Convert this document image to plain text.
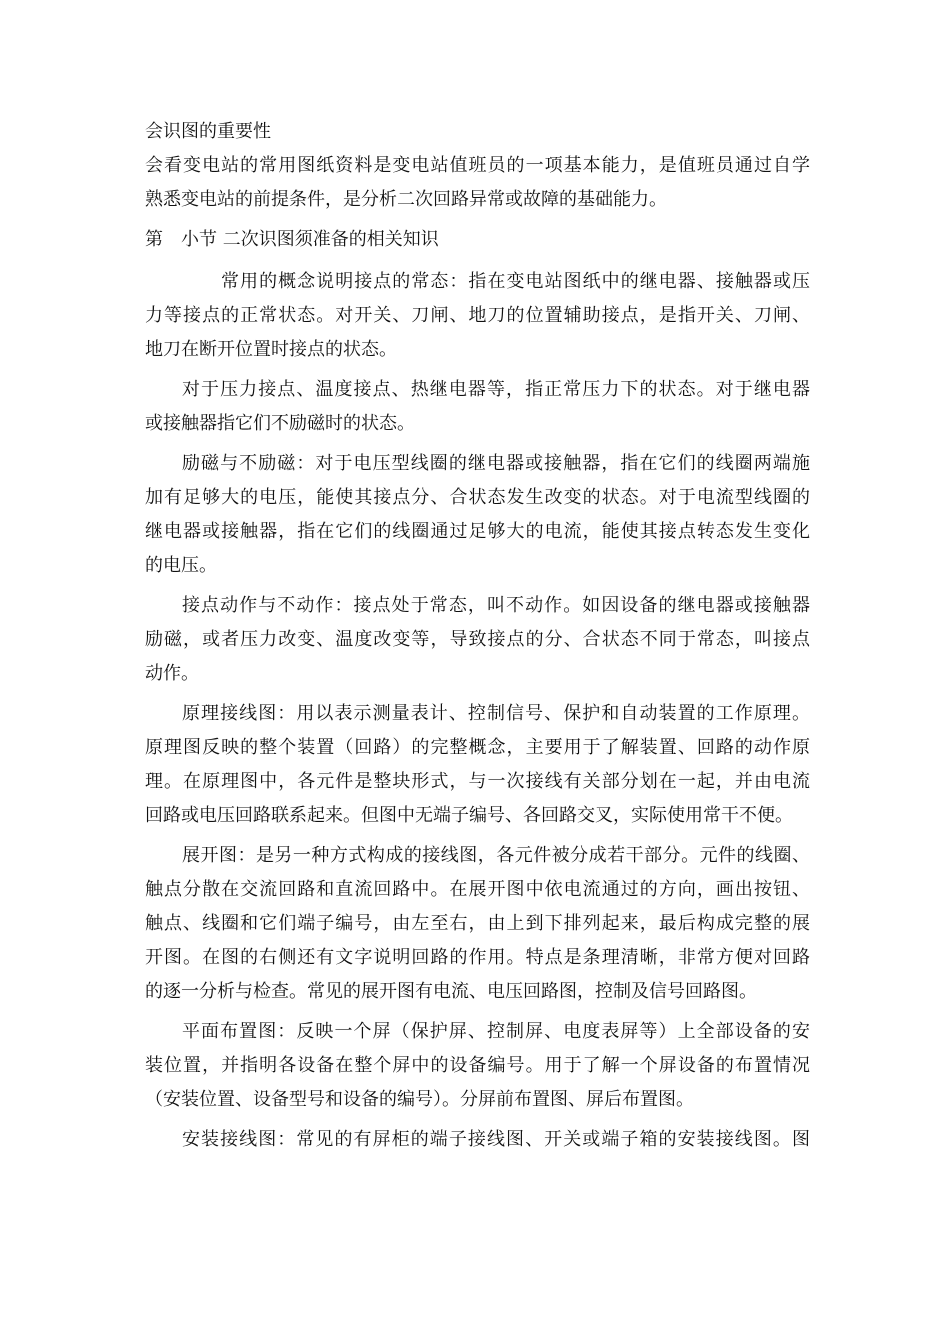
会识图的重要性
会看变电站的常用图纸资料是变电站值班员的一项基本能力，是值班员通过自学
熟悉变电站的前提条件，是分析二次回路异常或故障的基础能力。
第　小节 二次识图须准备的相关知识
常用的概念说明接点的常态：指在变电站图纸中的继电器、接触器或压
力等接点的正常状态。对开关、刀闸、地刀的位置辅助接点，是指开关、刀闸、
地刀在断开位置时接点的状态。
对于压力接点、温度接点、热继电器等，指正常压力下的状态。对于继电器
或接触器指它们不励磁时的状态。
励磁与不励磁：对于电压型线圈的继电器或接触器，指在它们的线圈两端施
加有足够大的电压，能使其接点分、合状态发生改变的状态。对于电流型线圈的
继电器或接触器，指在它们的线圈通过足够大的电流，能使其接点转态发生变化
的电压。
接点动作与不动作：接点处于常态，叫不动作。如因设备的继电器或接触器
励磁，或者压力改变、温度改变等，导致接点的分、合状态不同于常态，叫接点
动作。
原理接线图：用以表示测量表计、控制信号、保护和自动装置的工作原理。
原理图反映的整个装置（回路）的完整概念，主要用于了解装置、回路的动作原
理。在原理图中，各元件是整块形式，与一次接线有关部分划在一起，并由电流
回路或电压回路联系起来。但图中无端子编号、各回路交叉，实际使用常干不便。
展开图：是另一种方式构成的接线图，各元件被分成若干部分。元件的线圈、
触点分散在交流回路和直流回路中。在展开图中依电流通过的方向，画出按钮、
触点、线圈和它们端子编号，由左至右，由上到下排列起来，最后构成完整的展
开图。在图的右侧还有文字说明回路的作用。特点是条理清晰，非常方便对回路
的逐一分析与检查。常见的展开图有电流、电压回路图，控制及信号回路图。
平面布置图：反映一个屏（保护屏、控制屏、电度表屏等）上全部设备的安
装位置，并指明各设备在整个屏中的设备编号。用于了解一个屏设备的布置情况
（安装位置、设备型号和设备的编号）。分屏前布置图、屏后布置图。
安装接线图：常见的有屏柜的端子接线图、开关或端子箱的安装接线图。图
